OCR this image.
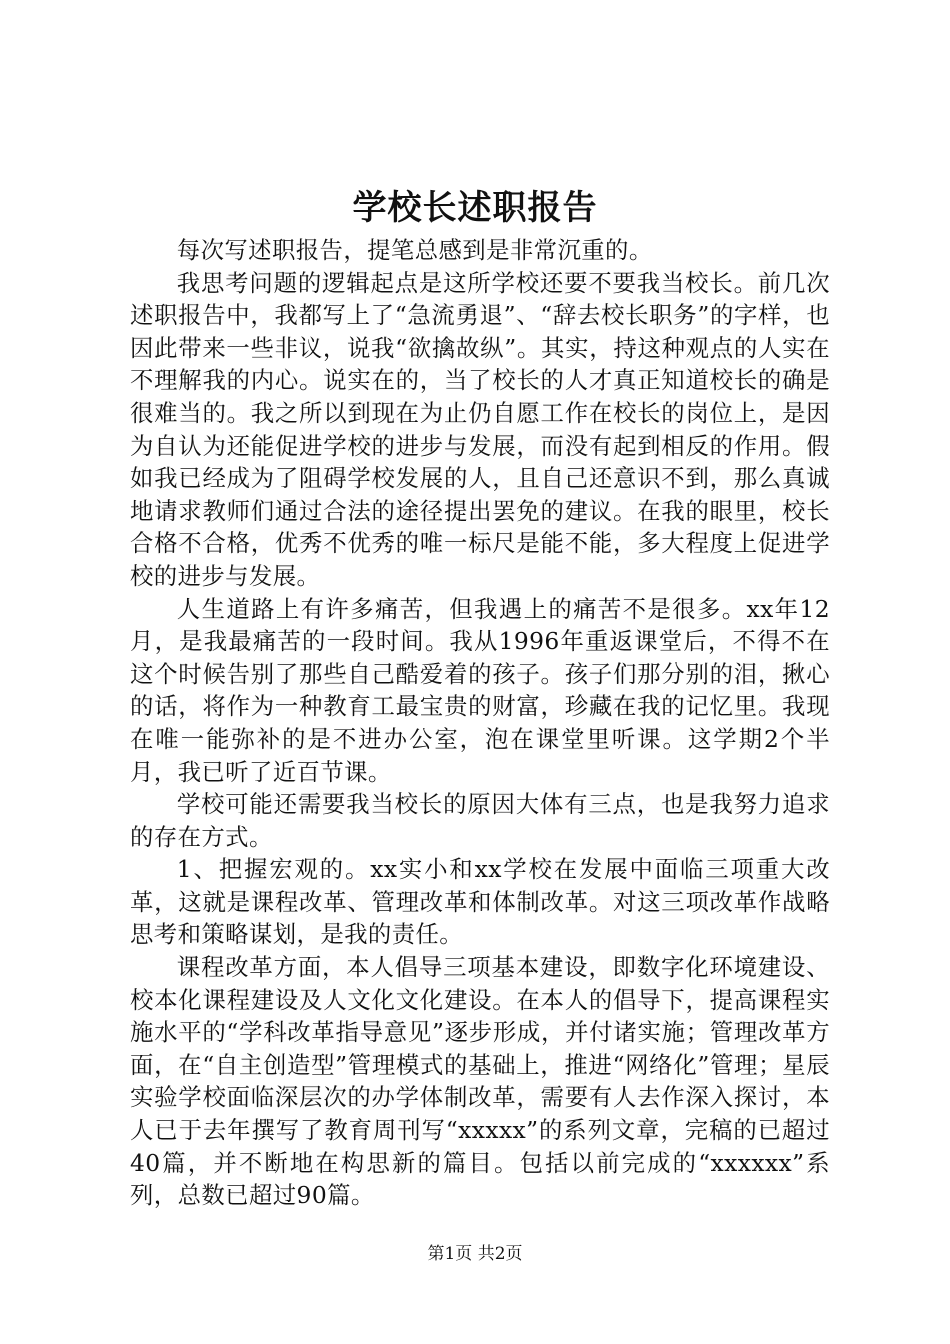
学校长述职报告

每次写述职报告，提笔总感到是非常沉重的。

我思考问题的逻辑起点是这所学校还要不要我当校长。前几次述职报告中，我都写上了“急流勇退”、“辞去校长职务”的字样，也因此带来一些非议，说我“欲擒故纵”。其实，持这种观点的人实在不理解我的内心。说实在的，当了校长的人才真正知道校长的确是很难当的。我之所以到现在为止仍自愿工作在校长的岗位上，是因为自认为还能促进学校的进步与发展，而没有起到相反的作用。假如我已经成为了阻碍学校发展的人，且自己还意识不到，那么真诚地请求教师们通过合法的途径提出罢免的建议。在我的眼里，校长合格不合格，优秀不优秀的唯一标尺是能不能，多大程度上促进学校的进步与发展。

人生道路上有许多痛苦，但我遇上的痛苦不是很多。xx年12月，是我最痛苦的一段时间。我从1996年重返课堂后，不得不在这个时候告别了那些自己酷爱着的孩子。孩子们那分别的泪，揪心的话，将作为一种教育工最宝贵的财富，珍藏在我的记忆里。我现在唯一能弥补的是不进办公室，泡在课堂里听课。这学期2个半月，我已听了近百节课。

学校可能还需要我当校长的原因大体有三点，也是我努力追求的存在方式。

1、把握宏观的。xx实小和xx学校在发展中面临三项重大改革，这就是课程改革、管理改革和体制改革。对这三项改革作战略思考和策略谋划，是我的责任。

课程改革方面，本人倡导三项基本建设，即数字化环境建设、校本化课程建设及人文化文化建设。在本人的倡导下，提高课程实施水平的“学科改革指导意见”逐步形成，并付诸实施；管理改革方面，在“自主创造型”管理模式的基础上，推进“网络化”管理；星辰实验学校面临深层次的办学体制改革，需要有人去作深入探讨，本人已于去年撰写了教育周刊写“xxxxx”的系列文章，完稿的已超过40篇，并不断地在构思新的篇目。包括以前完成的“xxxxxx”系列，总数已超过90篇。

第1页 共2页
